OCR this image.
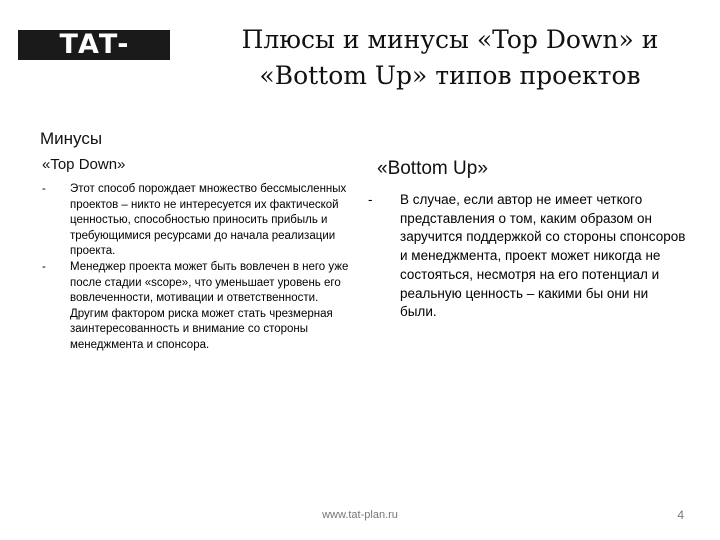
ТАТ-ПЛАН
Плюсы и минусы «Top Down» и
«Bottom Up» типов проектов
Минусы
«Top Down»
- Этот способ порождает множество бессмысленных проектов – никто не интересуется их фактической ценностью, способностью приносить прибыль и требующимися ресурсами до начала реализации проекта.
- Менеджер проекта может быть вовлечен в него уже после стадии «scope», что уменьшает уровень его вовлеченности, мотивации и ответственности. Другим фактором риска может стать чрезмерная заинтересованность и внимание со стороны менеджмента и спонсора.
«Bottom Up»
- В случае, если автор не имеет четкого представления о том, каким образом он заручится поддержкой со стороны спонсоров и менеджмента, проект может никогда не состояться, несмотря на его потенциал и реальную ценность – какими бы они ни были.
www.tat-plan.ru	4
